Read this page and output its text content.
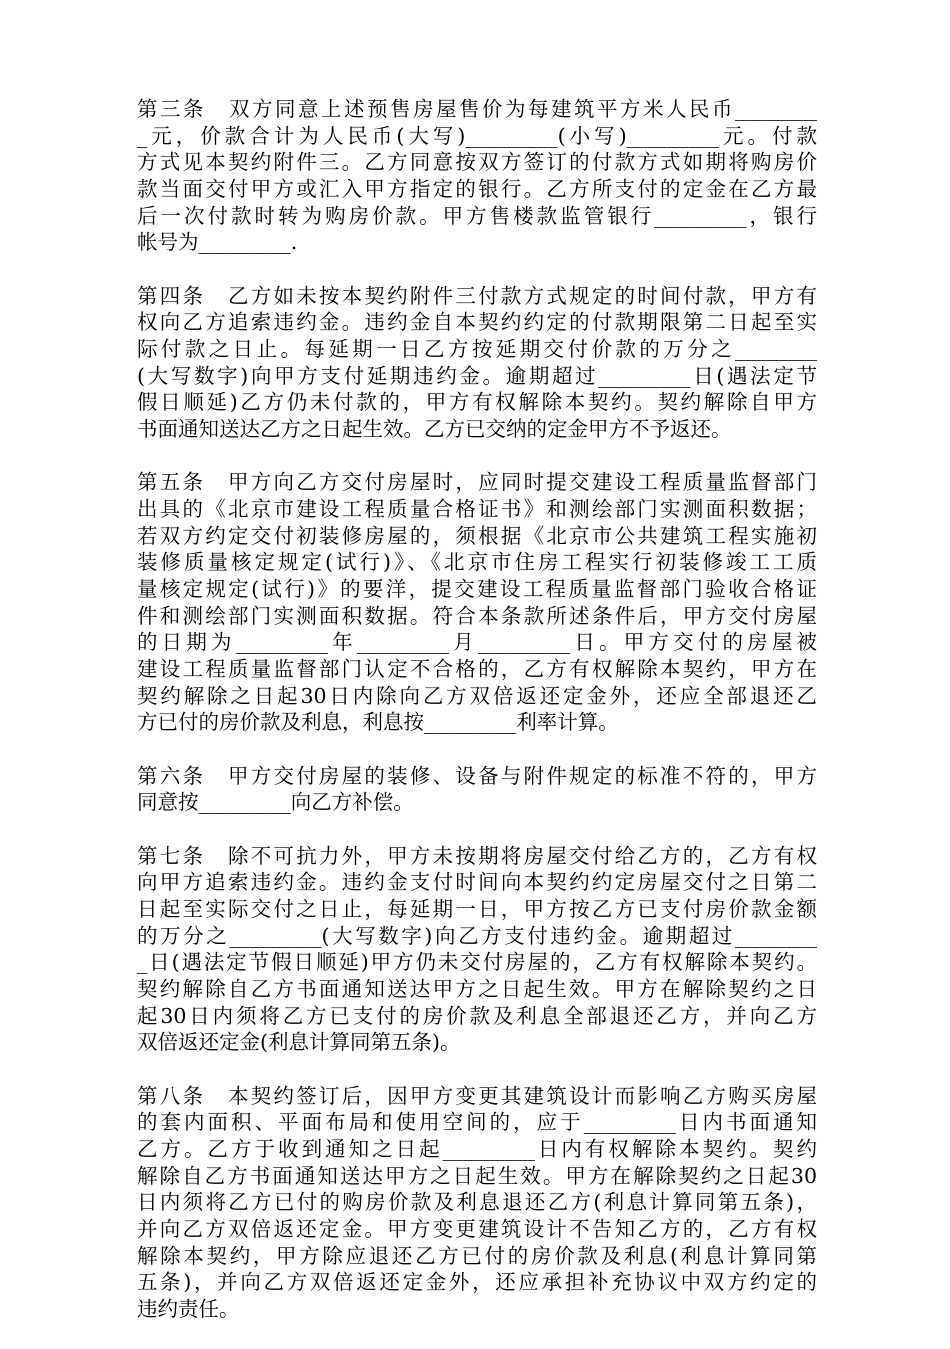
第三条　双方同意上述预售房屋售价为每建筑平方米人民币________
_元，价款合计为人民币(大写)_________(小写)_________元。付款
方式见本契约附件三。乙方同意按双方签订的付款方式如期将购房价
款当面交付甲方或汇入甲方指定的银行。乙方所支付的定金在乙方最
后一次付款时转为购房价款。甲方售楼款监管银行_________，银行
帐号为_________.
第四条　乙方如未按本契约附件三付款方式规定的时间付款，甲方有
权向乙方追索违约金。违约金自本契约约定的付款期限第二日起至实
际付款之日止。每延期一日乙方按延期交付价款的万分之________
(大写数字)向甲方支付延期违约金。逾期超过_________日(遇法定节
假日顺延)乙方仍未付款的，甲方有权解除本契约。契约解除自甲方
书面通知送达乙方之日起生效。乙方已交纳的定金甲方不予返还。
第五条　甲方向乙方交付房屋时，应同时提交建设工程质量监督部门
出具的《北京市建设工程质量合格证书》和测绘部门实测面积数据；
若双方约定交付初装修房屋的，须根据《北京市公共建筑工程实施初
装修质量核定规定(试行)》、《北京市住房工程实行初装修竣工工质
量核定规定(试行)》的要洋，提交建设工程质量监督部门验收合格证
件和测绘部门实测面积数据。符合本条款所述条件后，甲方交付房屋
的日期为_________年_________月_________日。甲方交付的房屋被
建设工程质量监督部门认定不合格的，乙方有权解除本契约，甲方在
契约解除之日起30日内除向乙方双倍返还定金外，还应全部退还乙
方已付的房价款及利息，利息按_________利率计算。
第六条　甲方交付房屋的装修、设备与附件规定的标准不符的，甲方
同意按_________向乙方补偿。
第七条　除不可抗力外，甲方未按期将房屋交付给乙方的，乙方有权
向甲方追索违约金。违约金支付时间向本契约约定房屋交付之日第二
日起至实际交付之日止，每延期一日，甲方按乙方已支付房价款金额
的万分之_________(大写数字)向乙方支付违约金。逾期超过________
_日(遇法定节假日顺延)甲方仍未交付房屋的，乙方有权解除本契约。
契约解除自乙方书面通知送达甲方之日起生效。甲方在解除契约之日
起30日内须将乙方已支付的房价款及利息全部退还乙方，并向乙方
双倍返还定金(利息计算同第五条)。
第八条　本契约签订后，因甲方变更其建筑设计而影响乙方购买房屋
的套内面积、平面布局和使用空间的，应于_________日内书面通知
乙方。乙方于收到通知之日起_________日内有权解除本契约。契约
解除自乙方书面通知送达甲方之日起生效。甲方在解除契约之日起30
日内须将乙方已付的购房价款及利息退还乙方(利息计算同第五条)，
并向乙方双倍返还定金。甲方变更建筑设计不告知乙方的，乙方有权
解除本契约，甲方除应退还乙方已付的房价款及利息(利息计算同第
五条)，并向乙方双倍返还定金外，还应承担补充协议中双方约定的
违约责任。
